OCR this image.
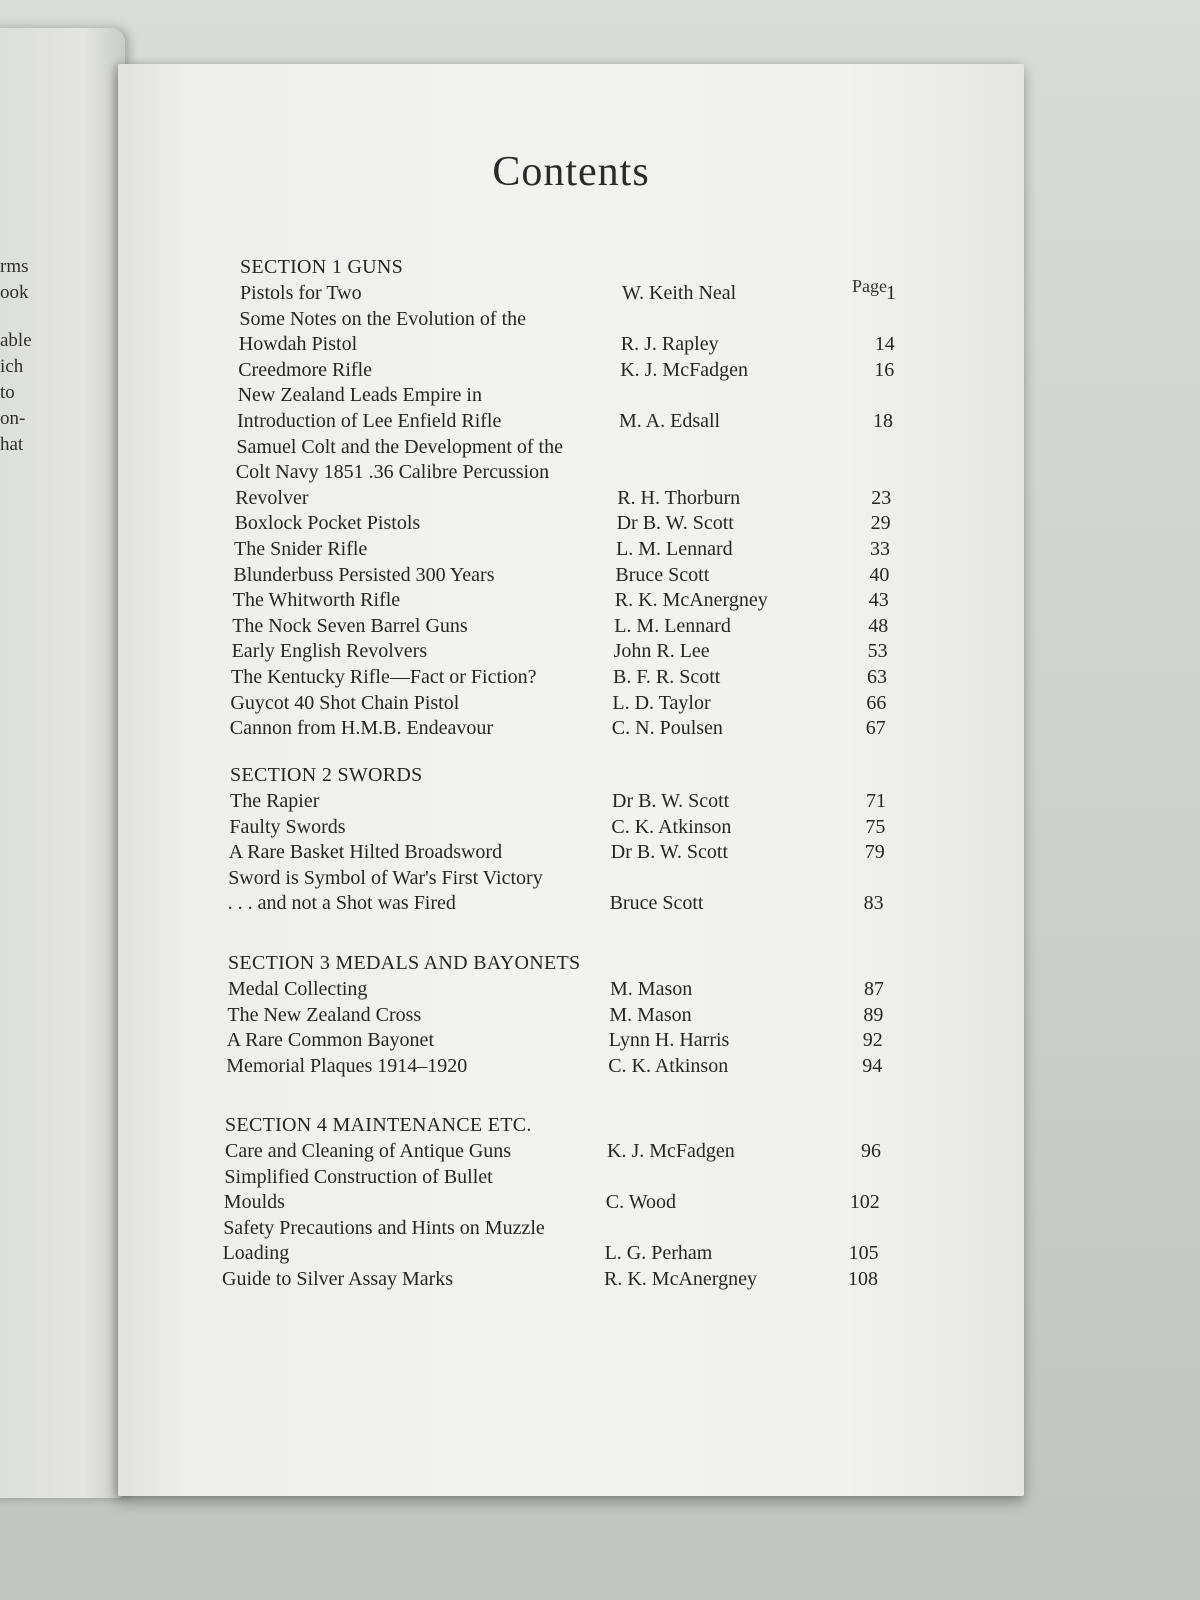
rms
ook
able
ich
to
on-
hat
Contents
Page
SECTION 1 GUNS
Pistols for Two	W. Keith Neal	1
Some Notes on the Evolution of the
Howdah Pistol	R. J. Rapley	14
Creedmore Rifle	K. J. McFadgen	16
New Zealand Leads Empire in
Introduction of Lee Enfield Rifle	M. A. Edsall	18
Samuel Colt and the Development of the
Colt Navy 1851 .36 Calibre Percussion
Revolver	R. H. Thorburn	23
Boxlock Pocket Pistols	Dr B. W. Scott	29
The Snider Rifle	L. M. Lennard	33
Blunderbuss Persisted 300 Years	Bruce Scott	40
The Whitworth Rifle	R. K. McAnergney	43
The Nock Seven Barrel Guns	L. M. Lennard	48
Early English Revolvers	John R. Lee	53
The Kentucky Rifle—Fact or Fiction?	B. F. R. Scott	63
Guycot 40 Shot Chain Pistol	L. D. Taylor	66
Cannon from H.M.B. Endeavour	C. N. Poulsen	67
SECTION 2 SWORDS
The Rapier	Dr B. W. Scott	71
Faulty Swords	C. K. Atkinson	75
A Rare Basket Hilted Broadsword	Dr B. W. Scott	79
Sword is Symbol of War's First Victory
. . . and not a Shot was Fired	Bruce Scott	83
SECTION 3 MEDALS AND BAYONETS
Medal Collecting	M. Mason	87
The New Zealand Cross	M. Mason	89
A Rare Common Bayonet	Lynn H. Harris	92
Memorial Plaques 1914–1920	C. K. Atkinson	94
SECTION 4 MAINTENANCE ETC.
Care and Cleaning of Antique Guns	K. J. McFadgen	96
Simplified Construction of Bullet
Moulds	C. Wood	102
Safety Precautions and Hints on Muzzle
Loading	L. G. Perham	105
Guide to Silver Assay Marks	R. K. McAnergney	108
